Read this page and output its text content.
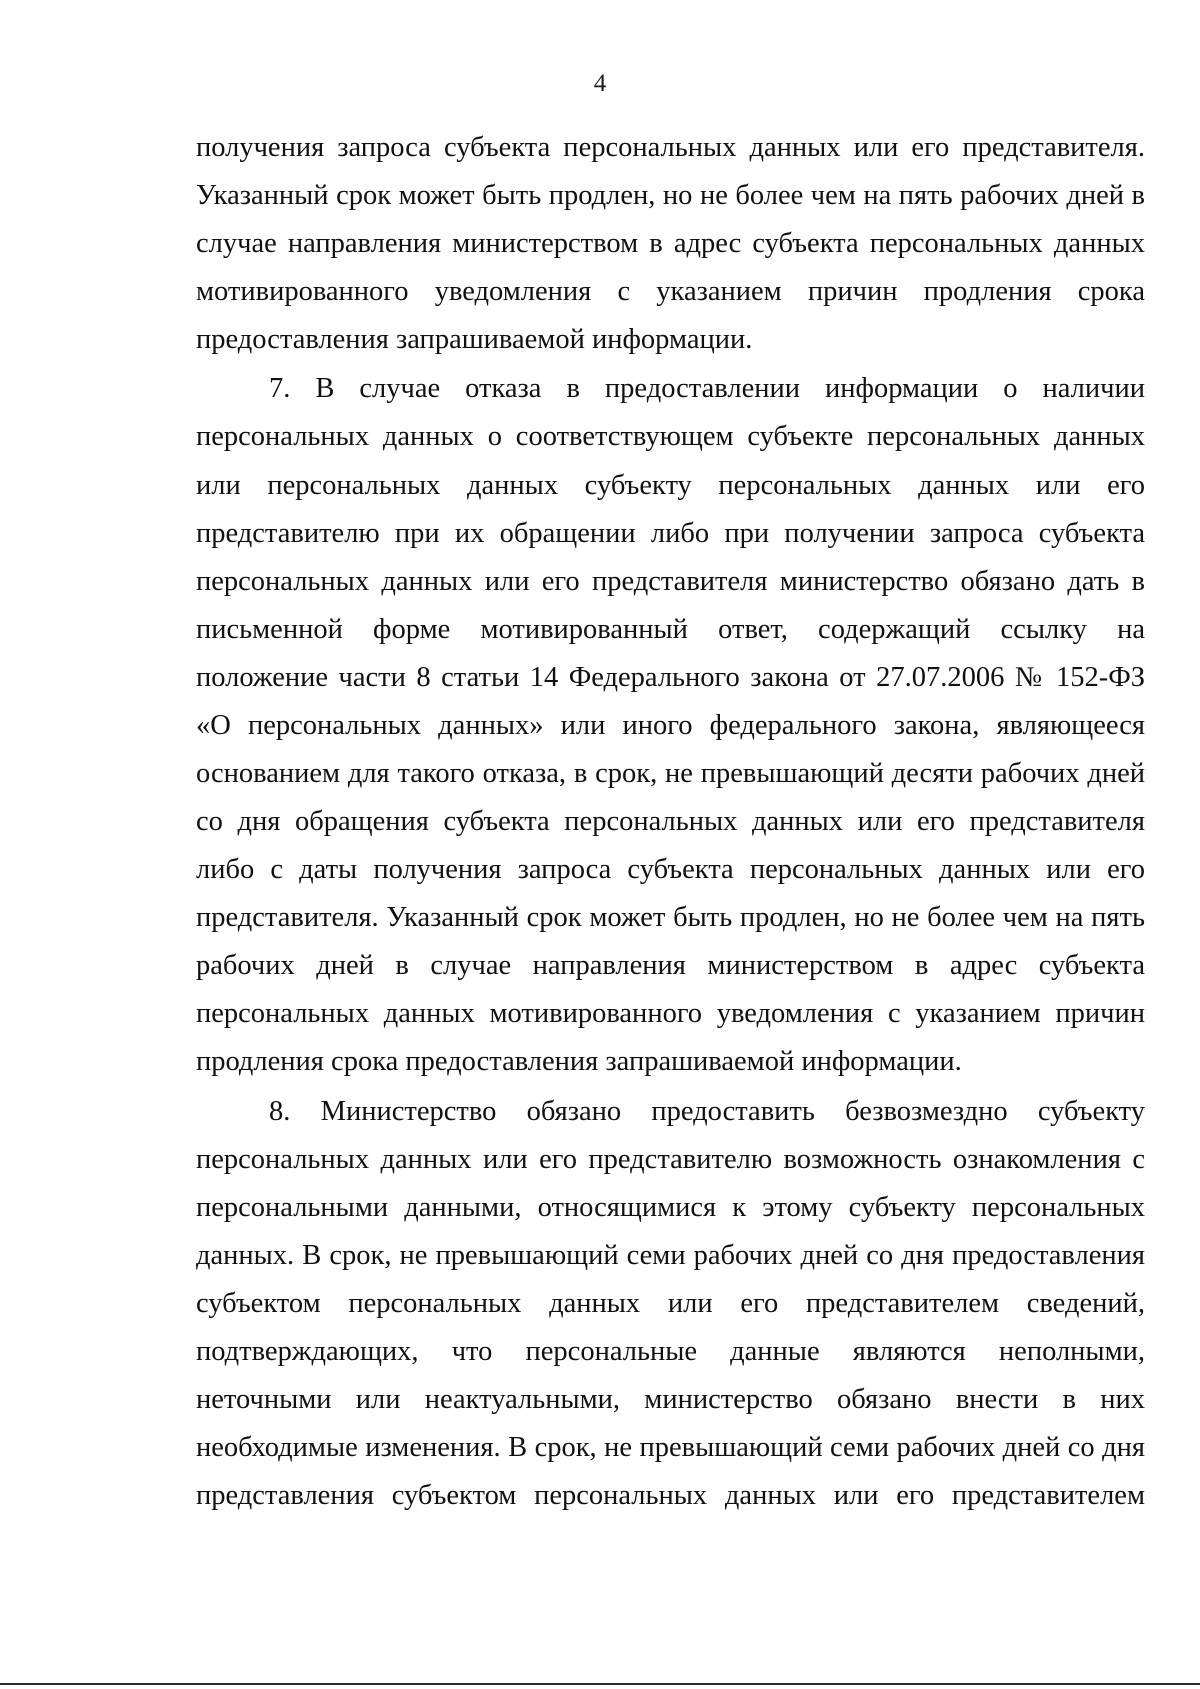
4
получения запроса субъекта персональных данных или его представителя.
Указанный срок может быть продлен, но не более чем на пять рабочих дней в
случае направления министерством в адрес субъекта персональных данных
мотивированного уведомления с указанием причин продления срока
предоставления запрашиваемой информации.
7. В случае отказа в предоставлении информации о наличии
персональных данных о соответствующем субъекте персональных данных
или персональных данных субъекту персональных данных или его
представителю при их обращении либо при получении запроса субъекта
персональных данных или его представителя министерство обязано дать в
письменной форме мотивированный ответ, содержащий ссылку на
положение части 8 статьи 14 Федерального закона от 27.07.2006 № 152-ФЗ
«О персональных данных» или иного федерального закона, являющееся
основанием для такого отказа, в срок, не превышающий десяти рабочих дней
со дня обращения субъекта персональных данных или его представителя
либо с даты получения запроса субъекта персональных данных или его
представителя. Указанный срок может быть продлен, но не более чем на пять
рабочих дней в случае направления министерством в адрес субъекта
персональных данных мотивированного уведомления с указанием причин
продления срока предоставления запрашиваемой информации.
8. Министерство обязано предоставить безвозмездно субъекту
персональных данных или его представителю возможность ознакомления с
персональными данными, относящимися к этому субъекту персональных
данных. В срок, не превышающий семи рабочих дней со дня предоставления
субъектом персональных данных или его представителем сведений,
подтверждающих, что персональные данные являются неполными,
неточными или неактуальными, министерство обязано внести в них
необходимые изменения. В срок, не превышающий семи рабочих дней со дня
представления субъектом персональных данных или его представителем
